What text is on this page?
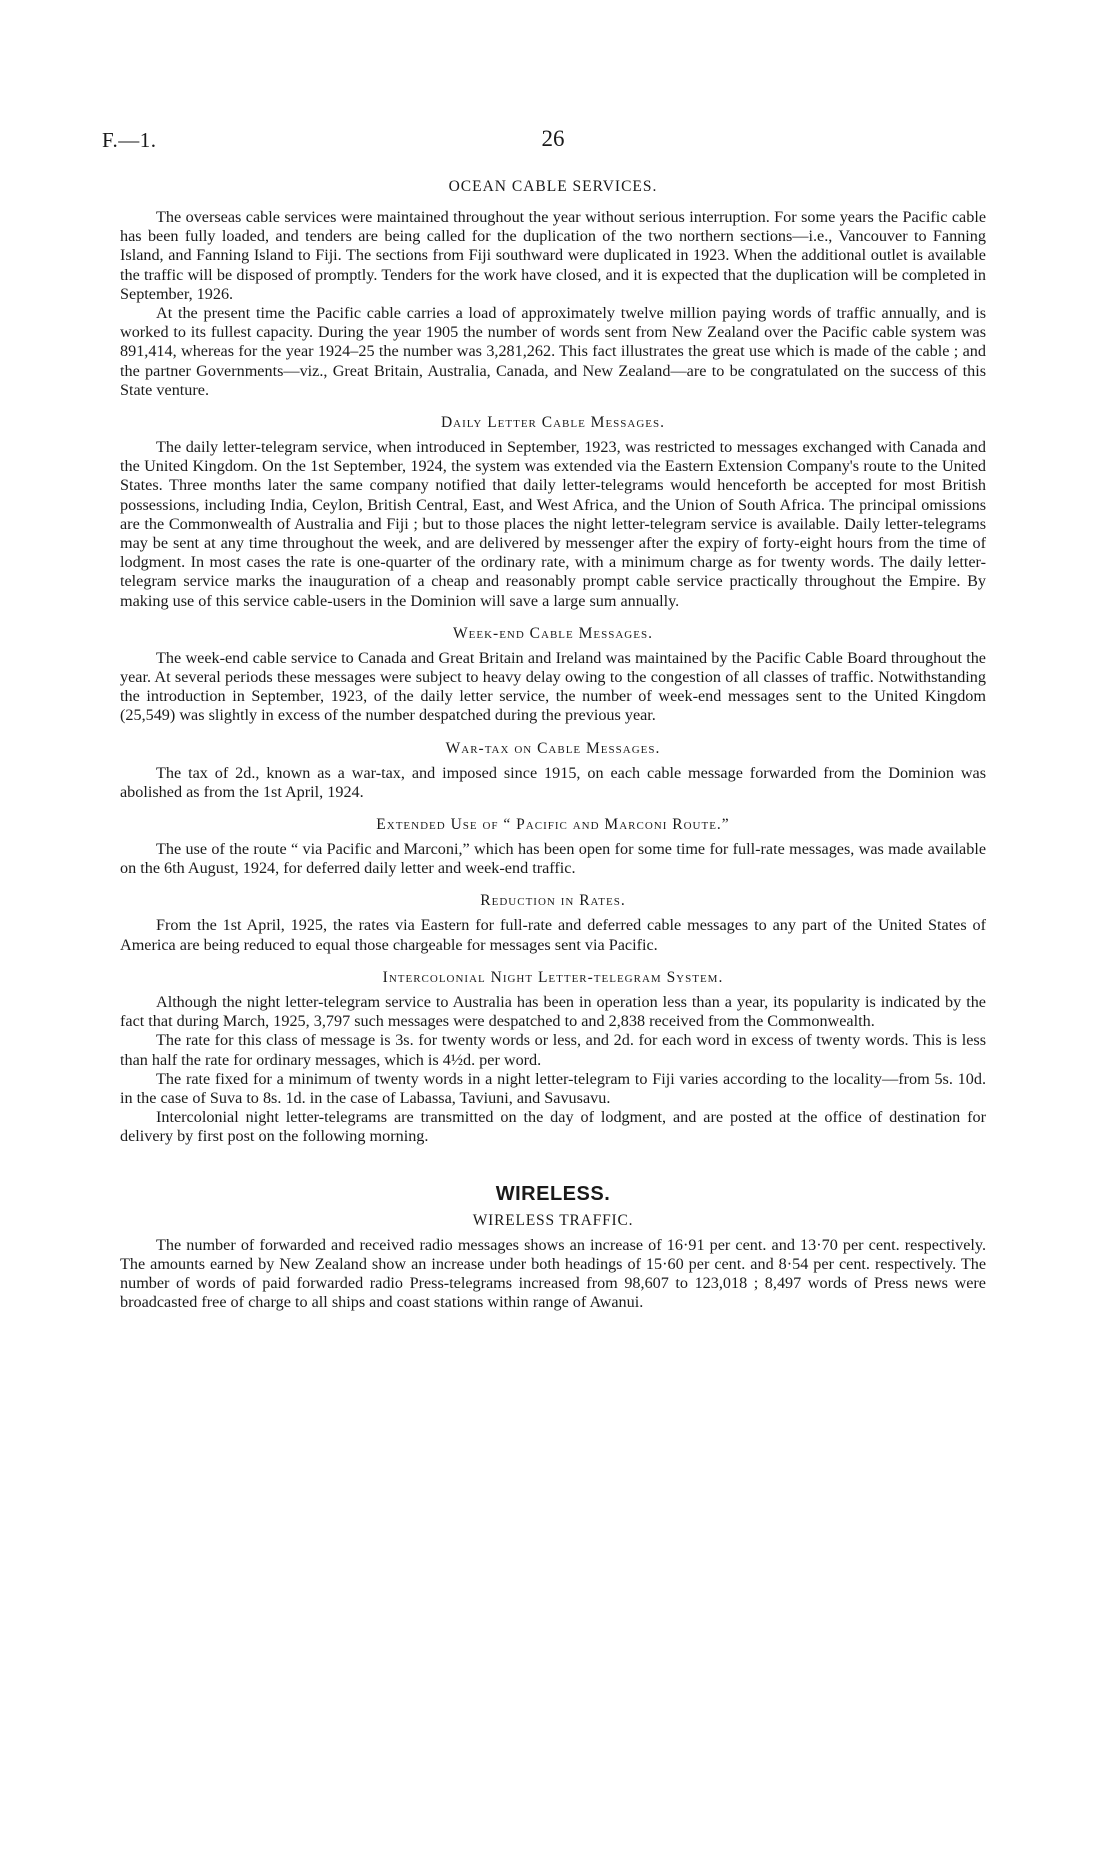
F.—1.	26
OCEAN CABLE SERVICES.

The overseas cable services were maintained throughout the year without serious interruption. For some years the Pacific cable has been fully loaded, and tenders are being called for the duplication of the two northern sections—i.e., Vancouver to Fanning Island, and Fanning Island to Fiji. The sections from Fiji southward were duplicated in 1923. When the additional outlet is available the traffic will be disposed of promptly. Tenders for the work have closed, and it is expected that the duplication will be completed in September, 1926.

At the present time the Pacific cable carries a load of approximately twelve million paying words of traffic annually, and is worked to its fullest capacity. During the year 1905 the number of words sent from New Zealand over the Pacific cable system was 891,414, whereas for the year 1924–25 the number was 3,281,262. This fact illustrates the great use which is made of the cable ; and the partner Governments—viz., Great Britain, Australia, Canada, and New Zealand—are to be congratulated on the success of this State venture.

Daily Letter Cable Messages.

The daily letter-telegram service, when introduced in September, 1923, was restricted to messages exchanged with Canada and the United Kingdom. On the 1st September, 1924, the system was extended via the Eastern Extension Company's route to the United States. Three months later the same company notified that daily letter-telegrams would henceforth be accepted for most British possessions, including India, Ceylon, British Central, East, and West Africa, and the Union of South Africa. The principal omissions are the Commonwealth of Australia and Fiji ; but to those places the night letter-telegram service is available. Daily letter-telegrams may be sent at any time throughout the week, and are delivered by messenger after the expiry of forty-eight hours from the time of lodgment. In most cases the rate is one-quarter of the ordinary rate, with a minimum charge as for twenty words. The daily letter-telegram service marks the inauguration of a cheap and reasonably prompt cable service practically throughout the Empire. By making use of this service cable-users in the Dominion will save a large sum annually.

Week-end Cable Messages.

The week-end cable service to Canada and Great Britain and Ireland was maintained by the Pacific Cable Board throughout the year. At several periods these messages were subject to heavy delay owing to the congestion of all classes of traffic. Notwithstanding the introduction in September, 1923, of the daily letter service, the number of week-end messages sent to the United Kingdom (25,549) was slightly in excess of the number despatched during the previous year.

War-tax on Cable Messages.

The tax of 2d., known as a war-tax, and imposed since 1915, on each cable message forwarded from the Dominion was abolished as from the 1st April, 1924.

Extended Use of “ Pacific and Marconi Route.”

The use of the route “ via Pacific and Marconi,” which has been open for some time for full-rate messages, was made available on the 6th August, 1924, for deferred daily letter and week-end traffic.

Reduction in Rates.

From the 1st April, 1925, the rates via Eastern for full-rate and deferred cable messages to any part of the United States of America are being reduced to equal those chargeable for messages sent via Pacific.

Intercolonial Night Letter-telegram System.

Although the night letter-telegram service to Australia has been in operation less than a year, its popularity is indicated by the fact that during March, 1925, 3,797 such messages were despatched to and 2,838 received from the Commonwealth.

The rate for this class of message is 3s. for twenty words or less, and 2d. for each word in excess of twenty words. This is less than half the rate for ordinary messages, which is 4½d. per word.

The rate fixed for a minimum of twenty words in a night letter-telegram to Fiji varies according to the locality—from 5s. 10d. in the case of Suva to 8s. 1d. in the case of Labassa, Taviuni, and Savusavu.

Intercolonial night letter-telegrams are transmitted on the day of lodgment, and are posted at the office of destination for delivery by first post on the following morning.

WIRELESS.
WIRELESS TRAFFIC.

The number of forwarded and received radio messages shows an increase of 16·91 per cent. and 13·70 per cent. respectively. The amounts earned by New Zealand show an increase under both headings of 15·60 per cent. and 8·54 per cent. respectively. The number of words of paid forwarded radio Press-telegrams increased from 98,607 to 123,018 ; 8,497 words of Press news were broadcasted free of charge to all ships and coast stations within range of Awanui.
